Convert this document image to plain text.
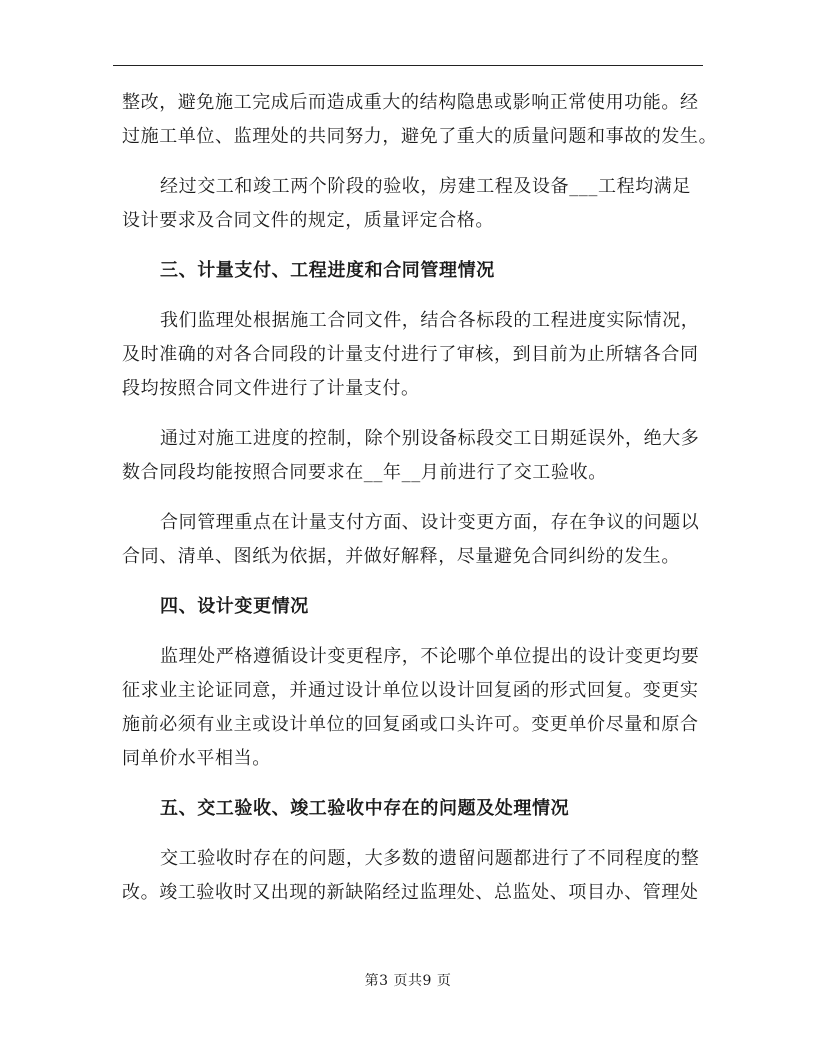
整改，避免施工完成后而造成重大的结构隐患或影响正常使用功能。经
过施工单位、监理处的共同努力，避免了重大的质量问题和事故的发生。
经过交工和竣工两个阶段的验收，房建工程及设备___工程均满足
设计要求及合同文件的规定，质量评定合格。
三、计量支付、工程进度和合同管理情况
我们监理处根据施工合同文件，结合各标段的工程进度实际情况，
及时准确的对各合同段的计量支付进行了审核，到目前为止所辖各合同
段均按照合同文件进行了计量支付。
通过对施工进度的控制，除个别设备标段交工日期延误外，绝大多
数合同段均能按照合同要求在__年__月前进行了交工验收。
合同管理重点在计量支付方面、设计变更方面，存在争议的问题以
合同、清单、图纸为依据，并做好解释，尽量避免合同纠纷的发生。
四、设计变更情况
监理处严格遵循设计变更程序，不论哪个单位提出的设计变更均要
征求业主论证同意，并通过设计单位以设计回复函的形式回复。变更实
施前必须有业主或设计单位的回复函或口头许可。变更单价尽量和原合
同单价水平相当。
五、交工验收、竣工验收中存在的问题及处理情况
交工验收时存在的问题，大多数的遗留问题都进行了不同程度的整
改。竣工验收时又出现的新缺陷经过监理处、总监处、项目办、管理处
第3 页共9 页
